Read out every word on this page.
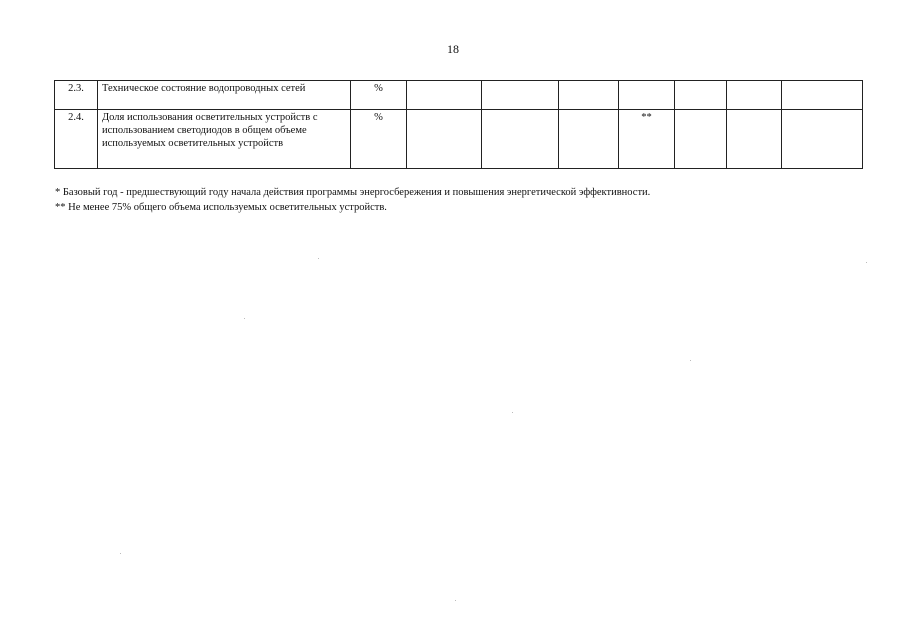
18
2.3.	Техническое состояние водопроводных сетей	%							
2.4.	Доля использования осветительных устройств с использованием светодиодов в общем объеме используемых осветительных устройств	%				**			
* Базовый год - предшествующий году начала действия программы энергосбережения и повышения энергетической эффективности.
** Не менее 75% общего объема используемых осветительных устройств.
